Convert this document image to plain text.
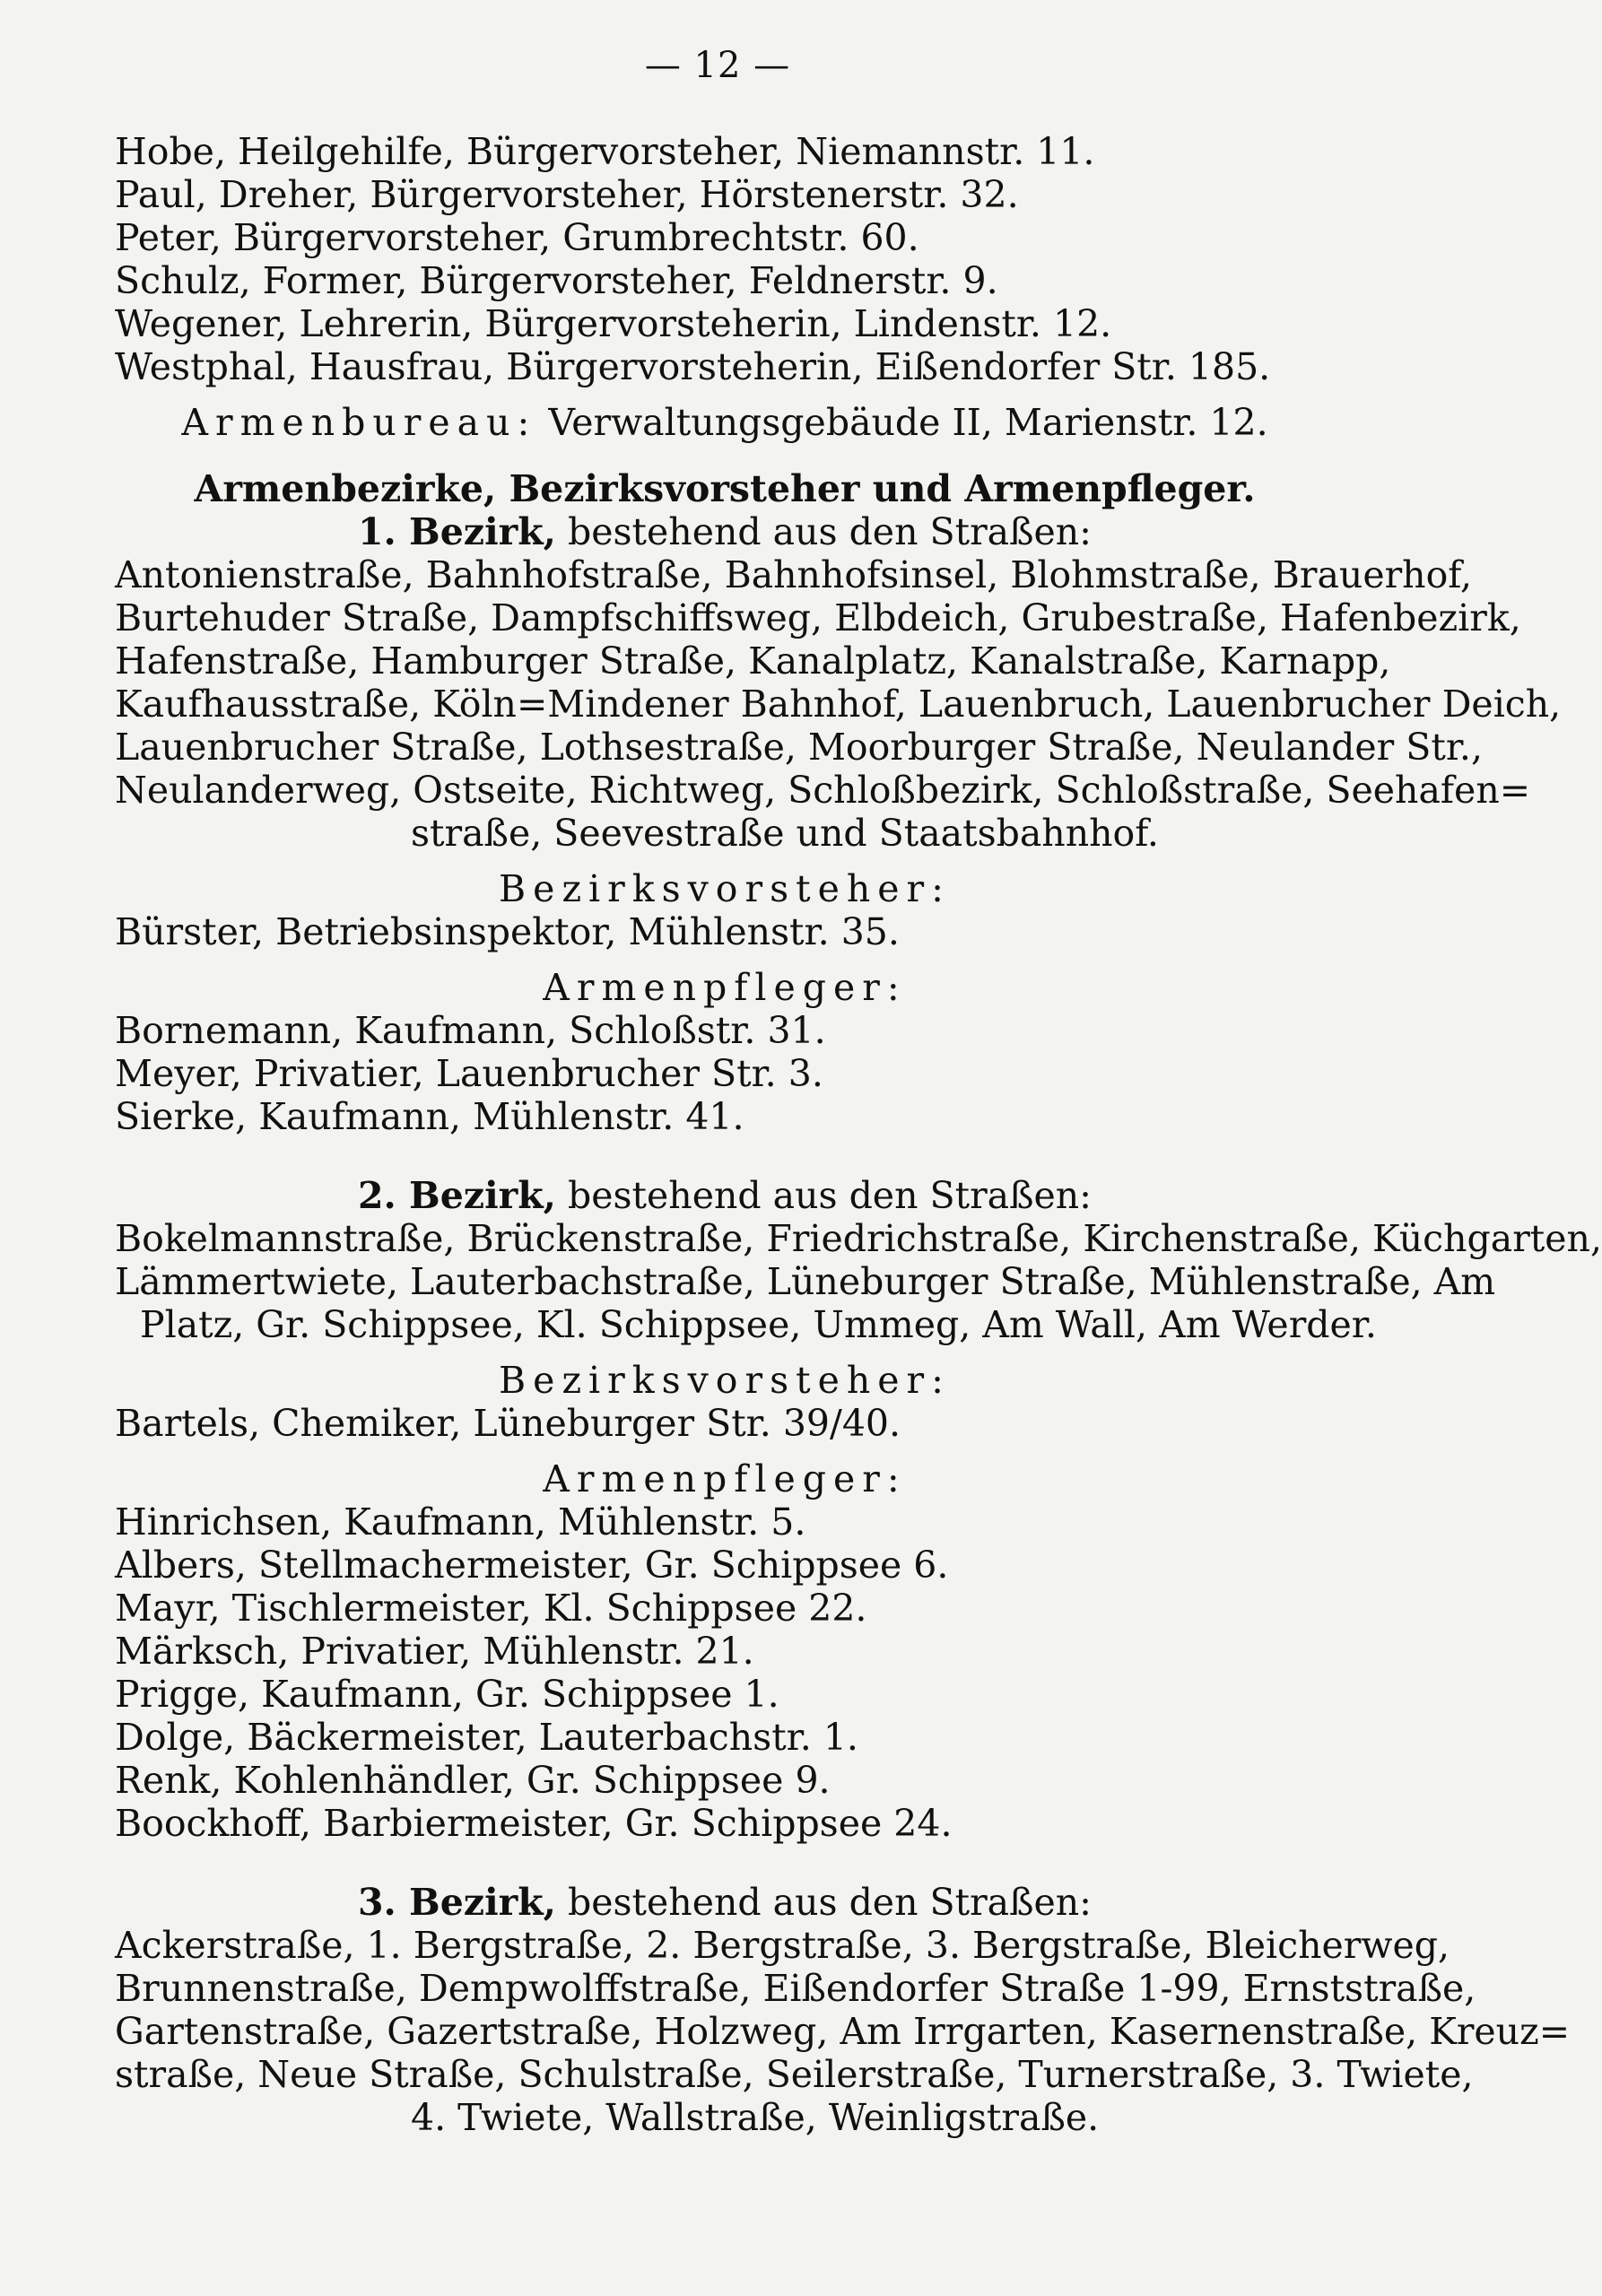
— 12 —

Hobe, Heilgehilfe, Bürgervorsteher, Niemannstr. 11.

Paul, Dreher, Bürgervorsteher, Hörstenerstr. 32.

Peter, Bürgervorsteher, Grumbrechtstr. 60.

Schulz, Former, Bürgervorsteher, Feldnerstr. 9.

Wegener, Lehrerin, Bürgervorsteherin, Lindenstr. 12.

Westphal, Hausfrau, Bürgervorsteherin, Eißendorfer Str. 185.

Armenbureau: Verwaltungsgebäude II, Marienstr. 12.

Armenbezirke, Bezirksvorsteher und Armenpfleger.

1. Bezirk, bestehend aus den Straßen:

Antonienstraße, Bahnhofstraße, Bahnhofsinsel, Blohmstraße, Brauerhof,

Burtehuder Straße, Dampfschiffsweg, Elbdeich, Grubestraße, Hafenbezirk,

Hafenstraße, Hamburger Straße, Kanalplatz, Kanalstraße, Karnapp,

Kaufhausstraße, Köln=Mindener Bahnhof, Lauenbruch, Lauenbrucher Deich,

Lauenbrucher Straße, Lothsestraße, Moorburger Straße, Neulander Str.,

Neulanderweg, Ostseite, Richtweg, Schloßbezirk, Schloßstraße, Seehafen=

straße, Seevestraße und Staatsbahnhof.

Bezirksvorsteher:

Bürster, Betriebsinspektor, Mühlenstr. 35.

Armenpfleger:

Bornemann, Kaufmann, Schloßstr. 31.

Meyer, Privatier, Lauenbrucher Str. 3.

Sierke, Kaufmann, Mühlenstr. 41.

2. Bezirk, bestehend aus den Straßen:

Bokelmannstraße, Brückenstraße, Friedrichstraße, Kirchenstraße, Küchgarten,

Lämmertwiete, Lauterbachstraße, Lüneburger Straße, Mühlenstraße, Am

Platz, Gr. Schippsee, Kl. Schippsee, Ummeg, Am Wall, Am Werder.

Bezirksvorsteher:

Bartels, Chemiker, Lüneburger Str. 39/40.

Armenpfleger:

Hinrichsen, Kaufmann, Mühlenstr. 5.

Albers, Stellmachermeister, Gr. Schippsee 6.

Mayr, Tischlermeister, Kl. Schippsee 22.

Märksch, Privatier, Mühlenstr. 21.

Prigge, Kaufmann, Gr. Schippsee 1.

Dolge, Bäckermeister, Lauterbachstr. 1.

Renk, Kohlenhändler, Gr. Schippsee 9.

Boockhoff, Barbiermeister, Gr. Schippsee 24.

3. Bezirk, bestehend aus den Straßen:

Ackerstraße, 1. Bergstraße, 2. Bergstraße, 3. Bergstraße, Bleicherweg,

Brunnenstraße, Dempwolffstraße, Eißendorfer Straße 1-99, Ernststraße,

Gartenstraße, Gazertstraße, Holzweg, Am Irrgarten, Kasernenstraße, Kreuz=

straße, Neue Straße, Schulstraße, Seilerstraße, Turnerstraße, 3. Twiete,

4. Twiete, Wallstraße, Weinligstraße.
